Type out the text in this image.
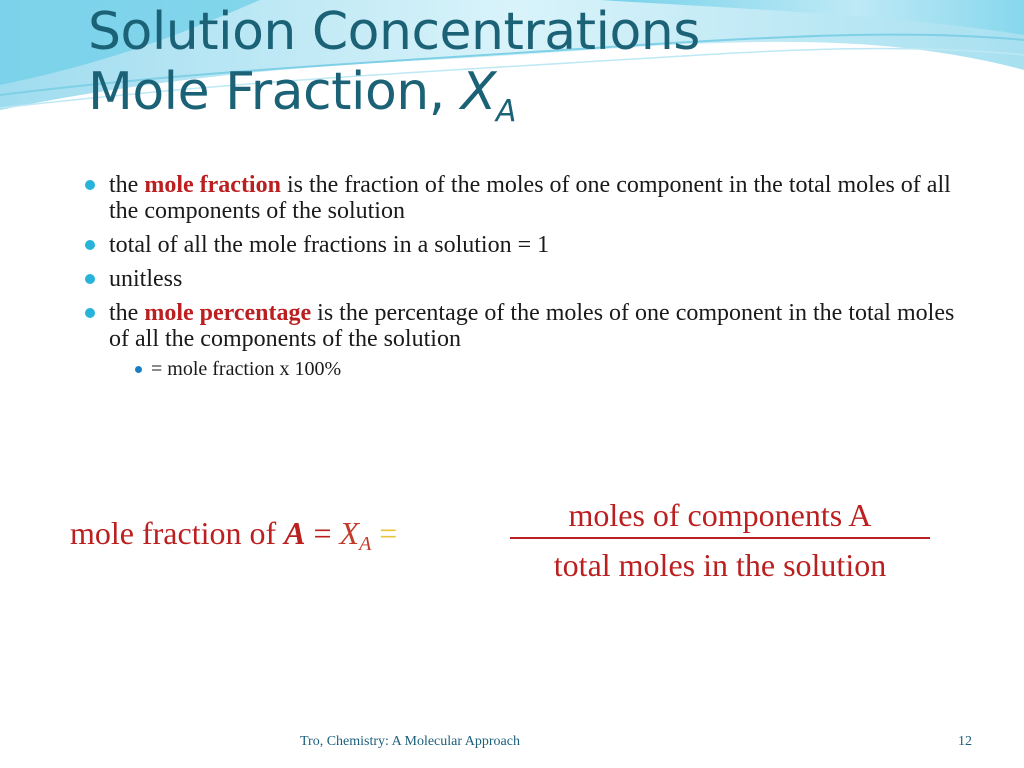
Solution Concentrations
Mole Fraction, $X_A$
the mole fraction is the fraction of the moles of one component in the total moles of all the components of the solution
total of all the mole fractions in a solution = 1
unitless
the mole percentage is the percentage of the moles of one component in the total moles of all the components of the solution
= mole fraction x 100%
mole fraction of A = XA =	moles of components A
total moles in the solution
Tro, Chemistry: A Molecular Approach	12
